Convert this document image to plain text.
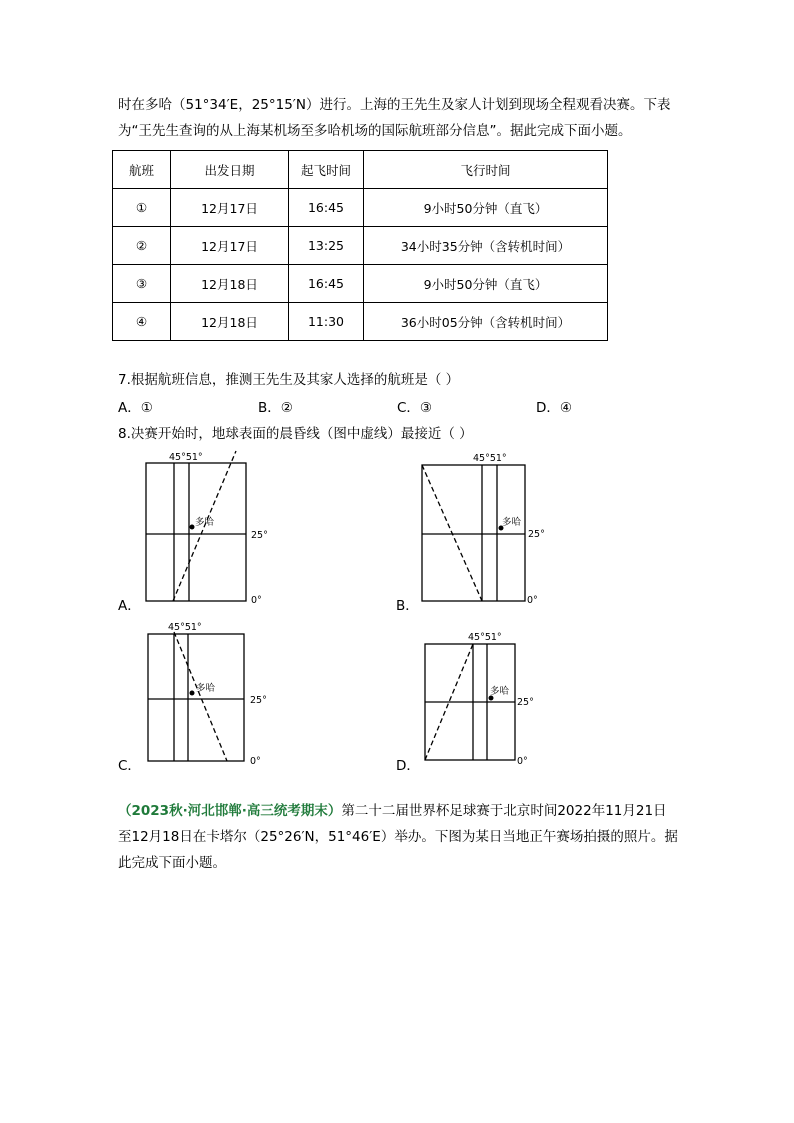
时在多哈（51°34′E，25°15′N）进行。上海的王先生及家人计划到现场全程观看决赛。下表为“王先生查询的从上海某机场至多哈机场的国际航班部分信息”。据此完成下面小题。

航班	出发日期	起飞时间	飞行时间
①	12月17日	16:45	9小时50分钟（直飞）
②	12月17日	13:25	34小时35分钟（含转机时间）
③	12月18日	16:45	9小时50分钟（直飞）
④	12月18日	11:30	36小时05分钟（含转机时间）

7.根据航班信息，推测王先生及其家人选择的航班是（ ）

A．①	B．②	C．③	D．④

8.决赛开始时，地球表面的晨昏线（图中虚线）最接近（ ）

A．
45°51°
多哈
25°
0°	B．
45°51°
多哈
25°
0°
C．
45°51°
多哈
25°
0°	D．
45°51°
多哈
25°
0°

（2023秋·河北邯郸·高三统考期末）第二十二届世界杯足球赛于北京时间2022年11月21日至12月18日在卡塔尔（25°26′N，51°46′E）举办。下图为某日当地正午赛场拍摄的照片。据此完成下面小题。
